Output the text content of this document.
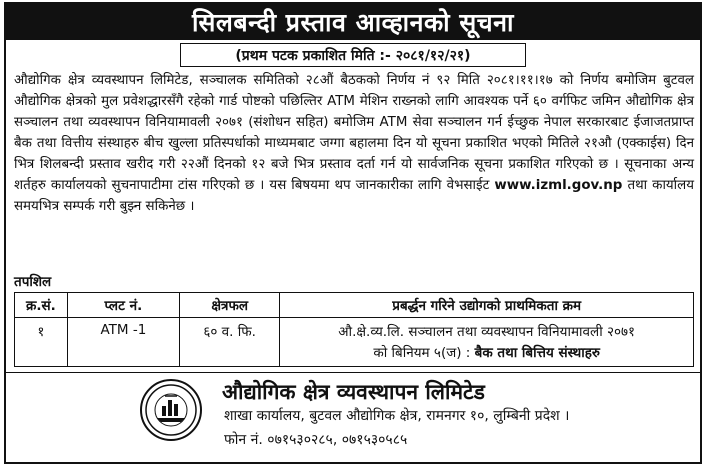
सिलबन्दी प्रस्ताव आव्हानको सूचना
(प्रथम पटक प्रकाशित मिति :- २०८१/१२/२१)
औद्योगिक क्षेत्र व्यवस्थापन लिमिटेड, सञ्चालक समितिको २८औं बैठकको निर्णय नं ९२ मिति २०८१।११।१७ को निर्णय बमोजिम बुटवल औद्योगिक क्षेत्रको मुल प्रवेशद्धारसँगै रहेको गार्ड पोष्टको पछिल्तिर ATM मेशिन राख्नको लागि आवश्यक पर्ने ६० वर्गफिट जमिन औद्योगिक क्षेत्र सञ्चालन तथा व्यवस्थापन विनियामावली २०७१ (संशोधन सहित) बमोजिम ATM सेवा सञ्चालन गर्न ईच्छुक नेपाल सरकारबाट ईजाजतप्राप्त बैक तथा वित्तीय संस्थाहरु बीच खुल्ला प्रतिस्पर्धाको माध्यमबाट जग्गा बहालमा दिन यो सूचना प्रकाशित भएको मितिले २१औ (एक्काईस) दिन भित्र शिलबन्दी प्रस्ताव खरीद गरी २२औं दिनको १२ बजे भित्र प्रस्ताव दर्ता गर्न यो सार्वजनिक सूचना प्रकाशित गरिएको छ । सूचनाका अन्य शर्तहरु कार्यालयको सुचनापाटीमा टांस गरिएको छ । यस बिषयमा थप जानकारीका लागि वेभसाईट www.izml.gov.np तथा कार्यालय समयभित्र सम्पर्क गरी बुझ्न सकिनेछ ।
तपशिल
क्र.सं.	प्लट नं.	क्षेत्रफल	प्रबर्द्धन गरिने उद्योगको प्राथमिकता क्रम
१	ATM -1	६० व. फि.	औ.क्षे.व्य.लि. सञ्चालन तथा व्यवस्थापन विनियामावली २०७१
को बिनियम ५(ज) : बैक तथा बित्तिय संस्थाहरु
औद्योगिक क्षेत्र व्यवस्थापन लिमिटेड
शाखा कार्यालय, बुटवल औद्योगिक क्षेत्र, रामनगर १०, लुम्बिनी प्रदेश ।
फोन नं. ०७१५३०२८५, ०७१५३०५८५
